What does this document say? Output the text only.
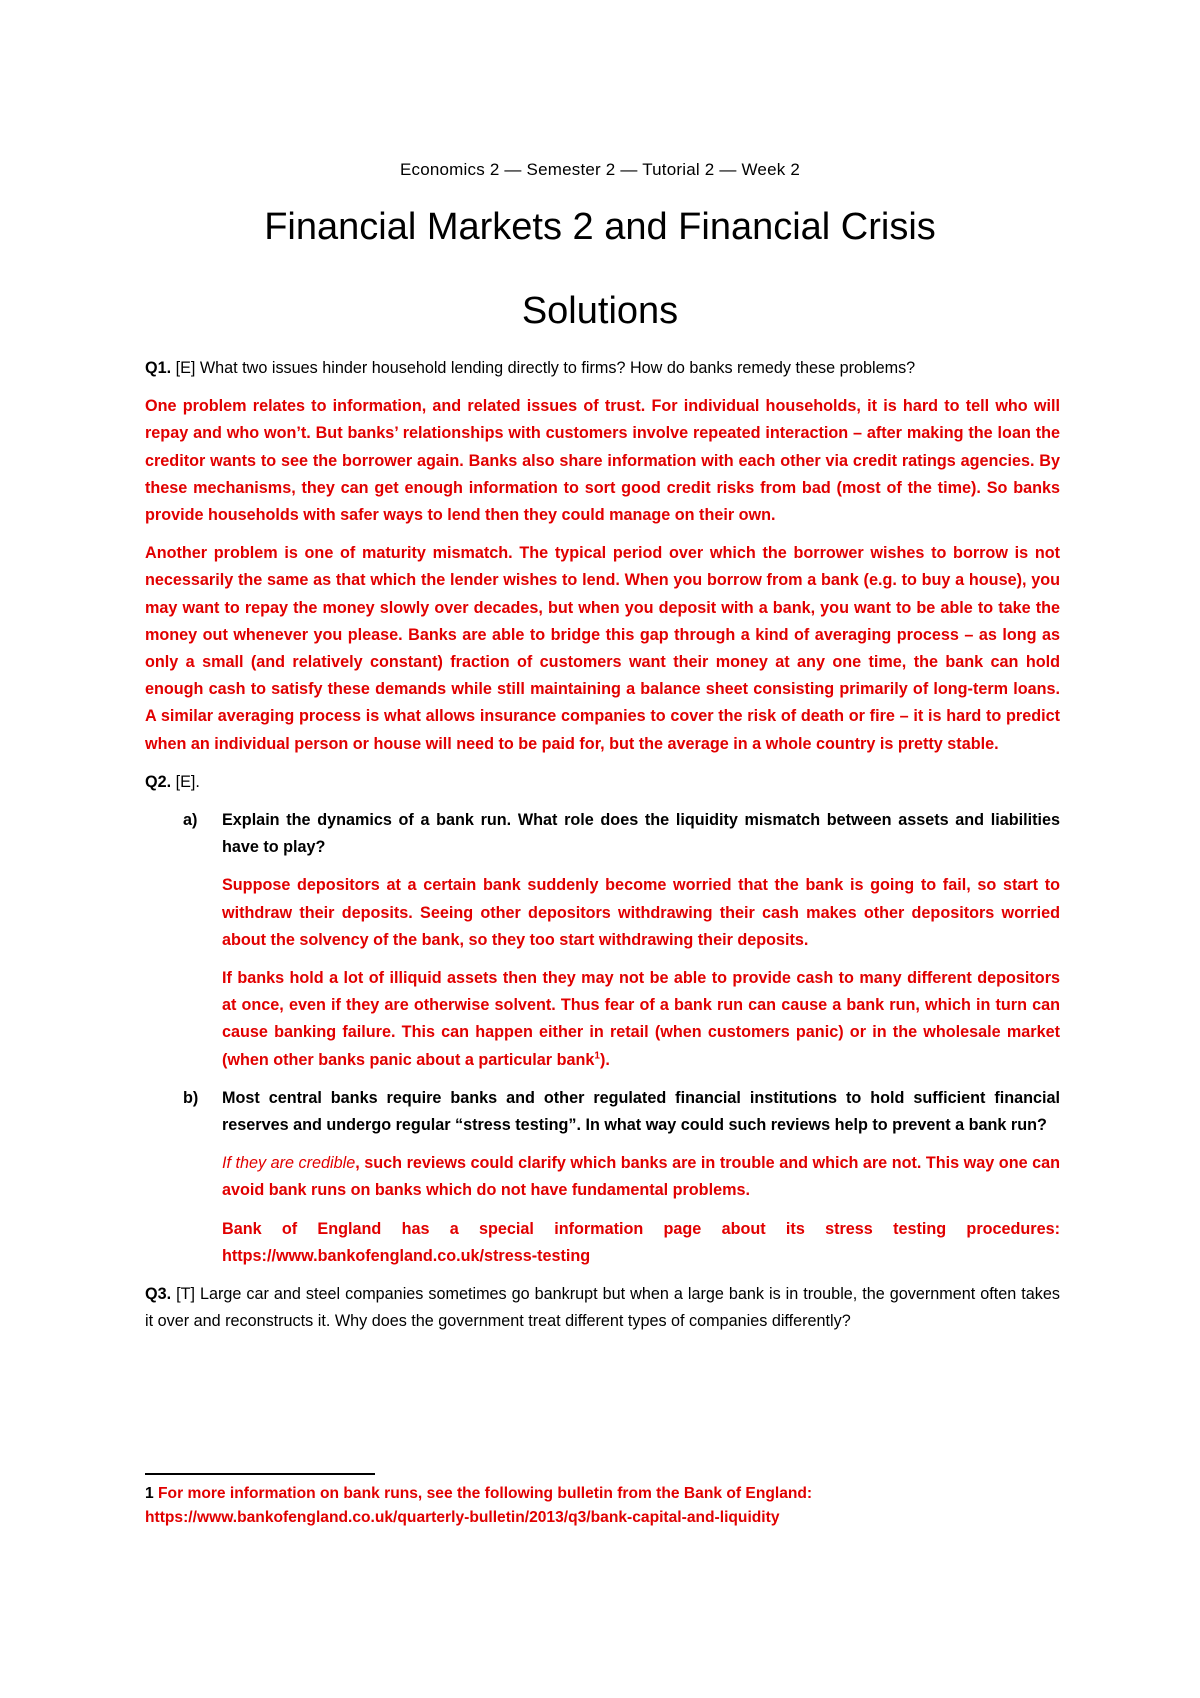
Economics 2 — Semester 2 — Tutorial 2 — Week 2
Financial Markets 2 and Financial Crisis
Solutions

Q1. [E] What two issues hinder household lending directly to firms? How do banks remedy these problems?

One problem relates to information, and related issues of trust. For individual households, it is hard to tell who will repay and who won’t. But banks’ relationships with customers involve repeated interaction – after making the loan the creditor wants to see the borrower again. Banks also share information with each other via credit ratings agencies. By these mechanisms, they can get enough information to sort good credit risks from bad (most of the time). So banks provide households with safer ways to lend then they could manage on their own.

Another problem is one of maturity mismatch. The typical period over which the borrower wishes to borrow is not necessarily the same as that which the lender wishes to lend. When you borrow from a bank (e.g. to buy a house), you may want to repay the money slowly over decades, but when you deposit with a bank, you want to be able to take the money out whenever you please. Banks are able to bridge this gap through a kind of averaging process – as long as only a small (and relatively constant) fraction of customers want their money at any one time, the bank can hold enough cash to satisfy these demands while still maintaining a balance sheet consisting primarily of long-term loans. A similar averaging process is what allows insurance companies to cover the risk of death or fire – it is hard to predict when an individual person or house will need to be paid for, but the average in a whole country is pretty stable.

Q2. [E].

a)	Explain the dynamics of a bank run. What role does the liquidity mismatch between assets and liabilities have to play?

Suppose depositors at a certain bank suddenly become worried that the bank is going to fail, so start to withdraw their deposits. Seeing other depositors withdrawing their cash makes other depositors worried about the solvency of the bank, so they too start withdrawing their deposits.

If banks hold a lot of illiquid assets then they may not be able to provide cash to many different depositors at once, even if they are otherwise solvent. Thus fear of a bank run can cause a bank run, which in turn can cause banking failure. This can happen either in retail (when customers panic) or in the wholesale market (when other banks panic about a particular bank$^1$).

b)	Most central banks require banks and other regulated financial institutions to hold sufficient financial reserves and undergo regular “stress testing”. In what way could such reviews help to prevent a bank run?

If they are credible, such reviews could clarify which banks are in trouble and which are not. This way one can avoid bank runs on banks which do not have fundamental problems.

Bank of England has a special information page about its stress testing procedures: https://www.bankofengland.co.uk/stress-testing

Q3. [T] Large car and steel companies sometimes go bankrupt but when a large bank is in trouble, the government often takes it over and reconstructs it. Why does the government treat different types of companies differently?

1 For more information on bank runs, see the following bulletin from the Bank of England:
https://www.bankofengland.co.uk/quarterly-bulletin/2013/q3/bank-capital-and-liquidity
